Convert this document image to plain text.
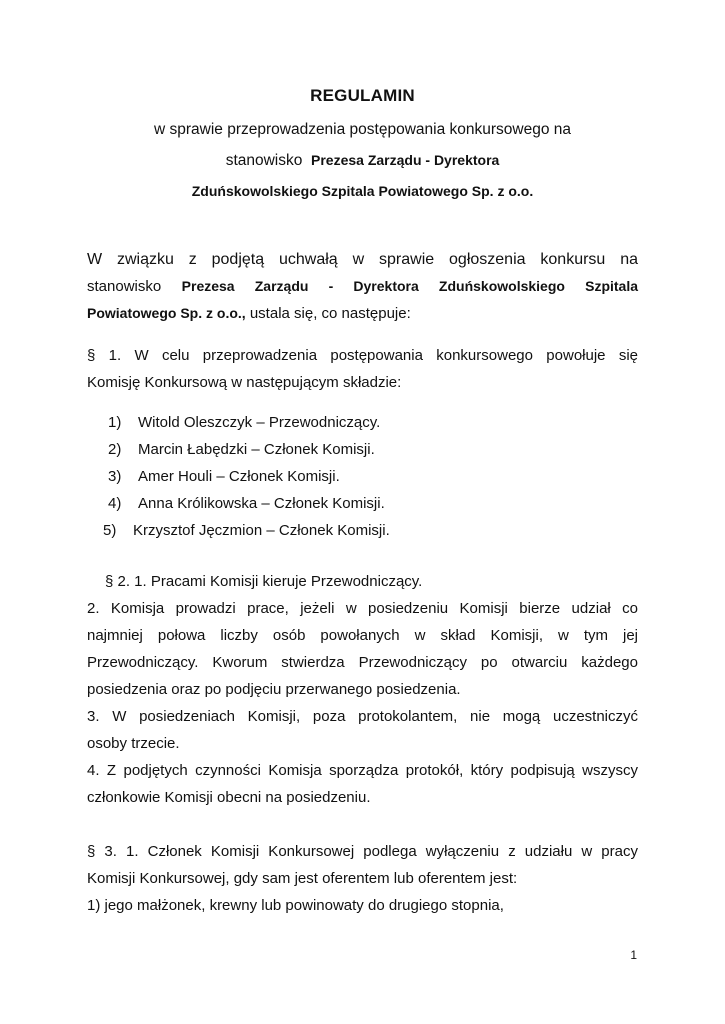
REGULAMIN
w sprawie przeprowadzenia postępowania konkursowego na
stanowisko Prezesa Zarządu - Dyrektora
Zduńskowolskiego Szpitala Powiatowego Sp. z o.o.
W związku z podjętą uchwałą w sprawie ogłoszenia konkursu na
stanowisko Prezesa Zarządu - Dyrektora Zduńskowolskiego Szpitala
Powiatowego Sp. z o.o., ustala się, co następuje:
§ 1. W celu przeprowadzenia postępowania konkursowego powołuje się
Komisję Konkursową w następującym składzie:
1) Witold Oleszczyk – Przewodniczący.
2) Marcin Łabędzki – Członek Komisji.
3) Amer Houli – Członek Komisji.
4) Anna Królikowska – Członek Komisji.
5) Krzysztof Jęczmion – Członek Komisji.
§ 2. 1. Pracami Komisji kieruje Przewodniczący.
2. Komisja prowadzi prace, jeżeli w posiedzeniu Komisji bierze udział co
najmniej połowa liczby osób powołanych w skład Komisji, w tym jej
Przewodniczący. Kworum stwierdza Przewodniczący po otwarciu każdego
posiedzenia oraz po podjęciu przerwanego posiedzenia.
3. W posiedzeniach Komisji, poza protokolantem, nie mogą uczestniczyć
osoby trzecie.
4. Z podjętych czynności Komisja sporządza protokół, który podpisują wszyscy
członkowie Komisji obecni na posiedzeniu.
§ 3. 1. Członek Komisji Konkursowej podlega wyłączeniu z udziału w pracy
Komisji Konkursowej, gdy sam jest oferentem lub oferentem jest:
1) jego małżonek, krewny lub powinowaty do drugiego stopnia,
1
